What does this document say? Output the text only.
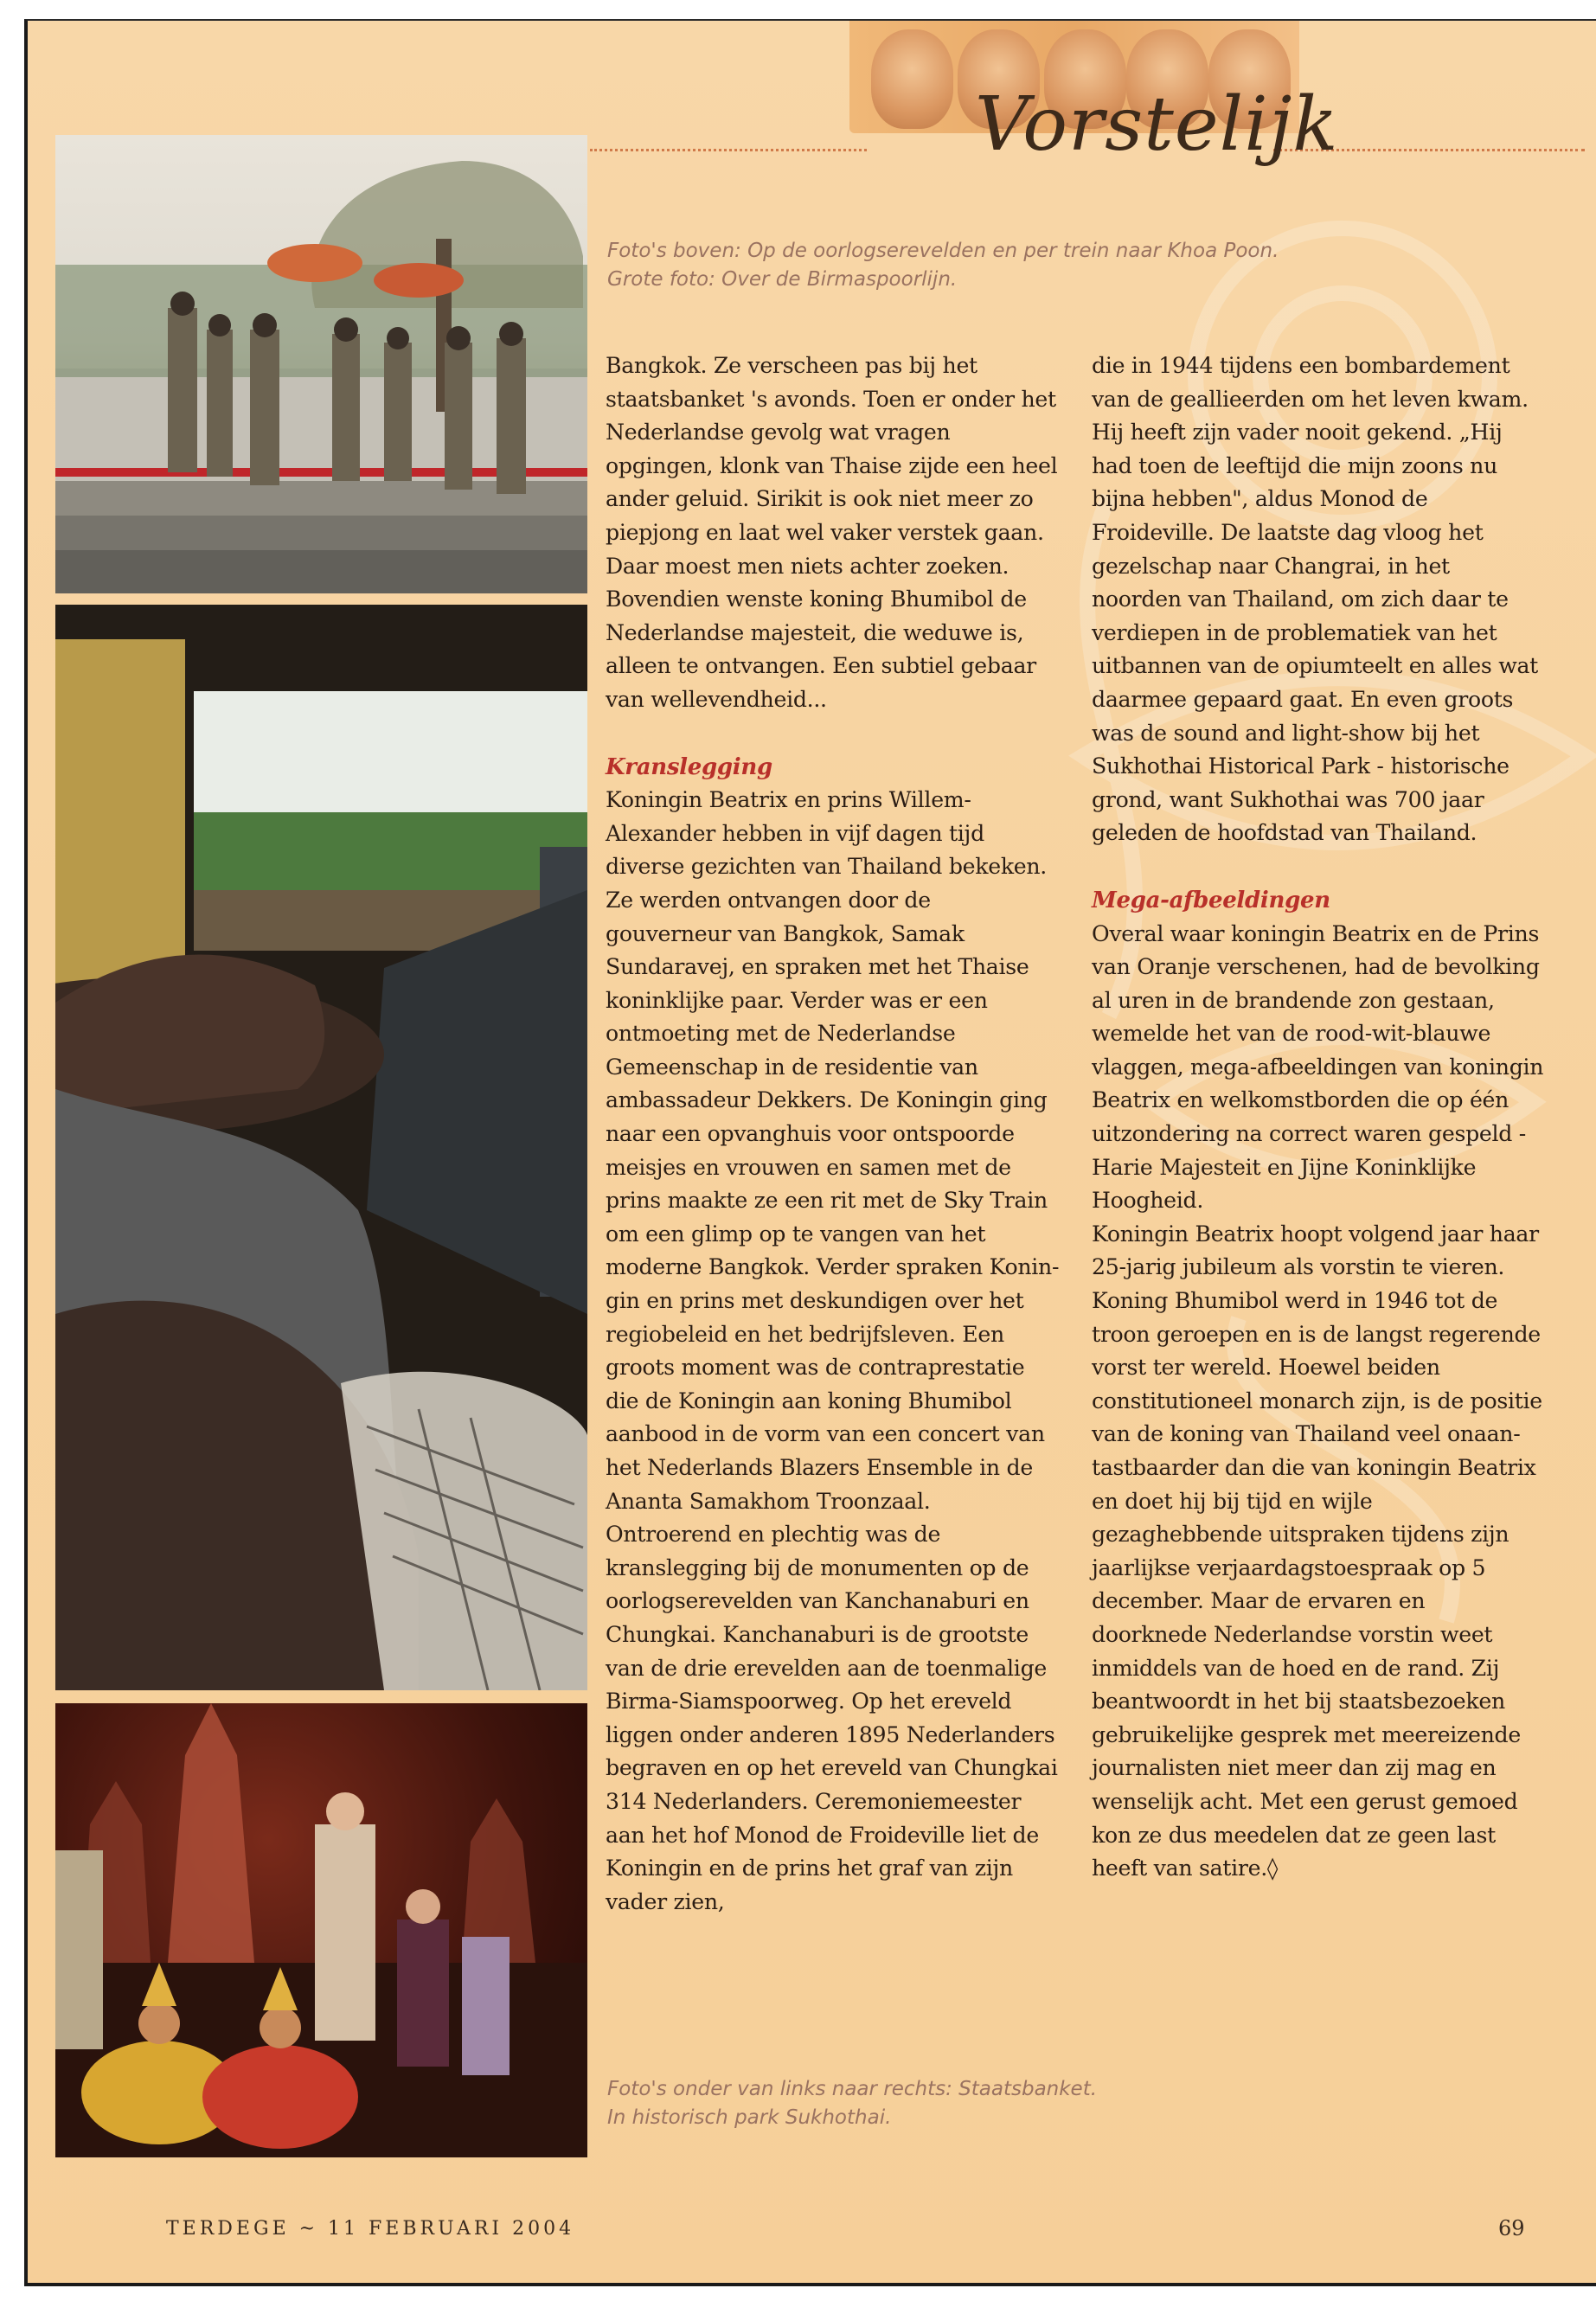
Vorstelijk

Foto's boven: Op de oorlogserevelden en per trein naar Khoa Poon.
Grote foto: Over de Birmaspoorlijn.

Bangkok. Ze verscheen pas bij het staatsbanket 's avonds. Toen er onder het Nederlandse gevolg wat vragen opgingen, klonk van Thaise zijde een heel ander geluid. Sirikit is ook niet meer zo piepjong en laat wel vaker verstek gaan. Daar moest men niets achter zoeken. Bovendien wenste koning Bhumibol de Nederlandse majesteit, die weduwe is, alleen te ontvangen. Een subtiel gebaar van wellevendheid...

Kranslegging

Koningin Beatrix en prins Willem-Alexander hebben in vijf dagen tijd diverse gezichten van Thailand bekeken. Ze werden ontvangen door de gouverneur van Bangkok, Samak Sundaravej, en spraken met het Thaise koninklijke paar. Verder was er een ontmoeting met de Nederlandse Gemeenschap in de residentie van ambassadeur Dekkers. De Koningin ging naar een opvanghuis voor ontspoorde meisjes en vrouwen en samen met de prins maakte ze een rit met de Sky Train om een glimp op te vangen van het moderne Bangkok. Verder spraken Koningin en prins met deskundigen over het regiobeleid en het bedrijfsleven. Een groots moment was de contraprestatie die de Koningin aan koning Bhumibol aanbood in de vorm van een concert van het Nederlands Blazers Ensemble in de Ananta Samakhom Troonzaal. Ontroerend en plechtig was de kranslegging bij de monumenten op de oorlogserevelden van Kanchanaburi en Chungkai. Kanchanaburi is de grootste van de drie erevelden aan de toenmalige Birma-Siamspoorweg. Op het ereveld liggen onder anderen 1895 Nederlanders begraven en op het ereveld van Chungkai 314 Nederlanders. Ceremoniemeester aan het hof Monod de Froideville liet de Koningin en de prins het graf van zijn vader zien,

die in 1944 tijdens een bombardement van de geallieerden om het leven kwam. Hij heeft zijn vader nooit gekend. „Hij had toen de leeftijd die mijn zoons nu bijna hebben", aldus Monod de Froideville. De laatste dag vloog het gezelschap naar Changrai, in het noorden van Thailand, om zich daar te verdiepen in de problematiek van het uitbannen van de opiumteelt en alles wat daarmee gepaard gaat. En even groots was de sound and light-show bij het Sukhothai Historical Park - historische grond, want Sukhothai was 700 jaar geleden de hoofdstad van Thailand.

Mega-afbeeldingen

Overal waar koningin Beatrix en de Prins van Oranje verschenen, had de bevolking al uren in de brandende zon gestaan, wemelde het van de rood-wit-blauwe vlaggen, mega-afbeeldingen van koningin Beatrix en welkomstborden die op één uitzondering na correct waren gespeld - Harie Majesteit en Jijne Koninklijke Hoogheid.

Koningin Beatrix hoopt volgend jaar haar 25-jarig jubileum als vorstin te vieren. Koning Bhumibol werd in 1946 tot de troon geroepen en is de langst regerende vorst ter wereld. Hoewel beiden constitutioneel monarch zijn, is de positie van de koning van Thailand veel onaantastbaarder dan die van koningin Beatrix en doet hij bij tijd en wijle gezaghebbende uitspraken tijdens zijn jaarlijkse verjaardagstoespraak op 5 december. Maar de ervaren en doorknede Nederlandse vorstin weet inmiddels van de hoed en de rand. Zij beantwoordt in het bij staatsbezoeken gebruikelijke gesprek met meereizende journalisten niet meer dan zij mag en wenselijk acht. Met een gerust gemoed kon ze dus meedelen dat ze geen last heeft van satire.◊

Foto's onder van links naar rechts: Staatsbanket.
In historisch park Sukhothai.

TERDEGE ~ 11 FEBRUARI 2004	69
